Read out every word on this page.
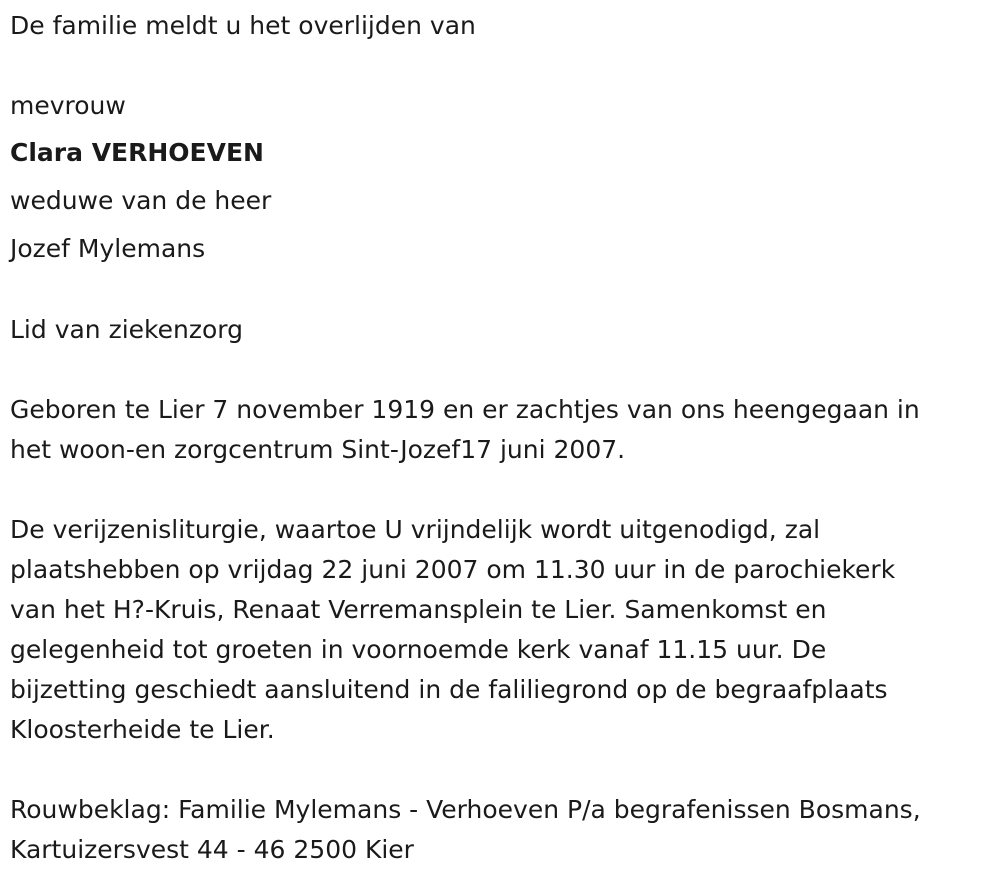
De familie meldt u het overlijden van

mevrouw

Clara VERHOEVEN

weduwe van de heer

Jozef Mylemans

Lid van ziekenzorg

Geboren te Lier 7 november 1919 en er zachtjes van ons heengegaan in

het woon-en zorgcentrum Sint-Jozef17 juni 2007.

De verijzenisliturgie, waartoe U vrijndelijk wordt uitgenodigd, zal

plaatshebben op vrijdag 22 juni 2007 om 11.30 uur in de parochiekerk

van het H?-Kruis, Renaat Verremansplein te Lier. Samenkomst en

gelegenheid tot groeten in voornoemde kerk vanaf 11.15 uur. De

bijzetting geschiedt aansluitend in de faliliegrond op de begraafplaats

Kloosterheide te Lier.

Rouwbeklag: Familie Mylemans - Verhoeven P/a begrafenissen Bosmans,

Kartuizersvest 44 - 46 2500 Kier
